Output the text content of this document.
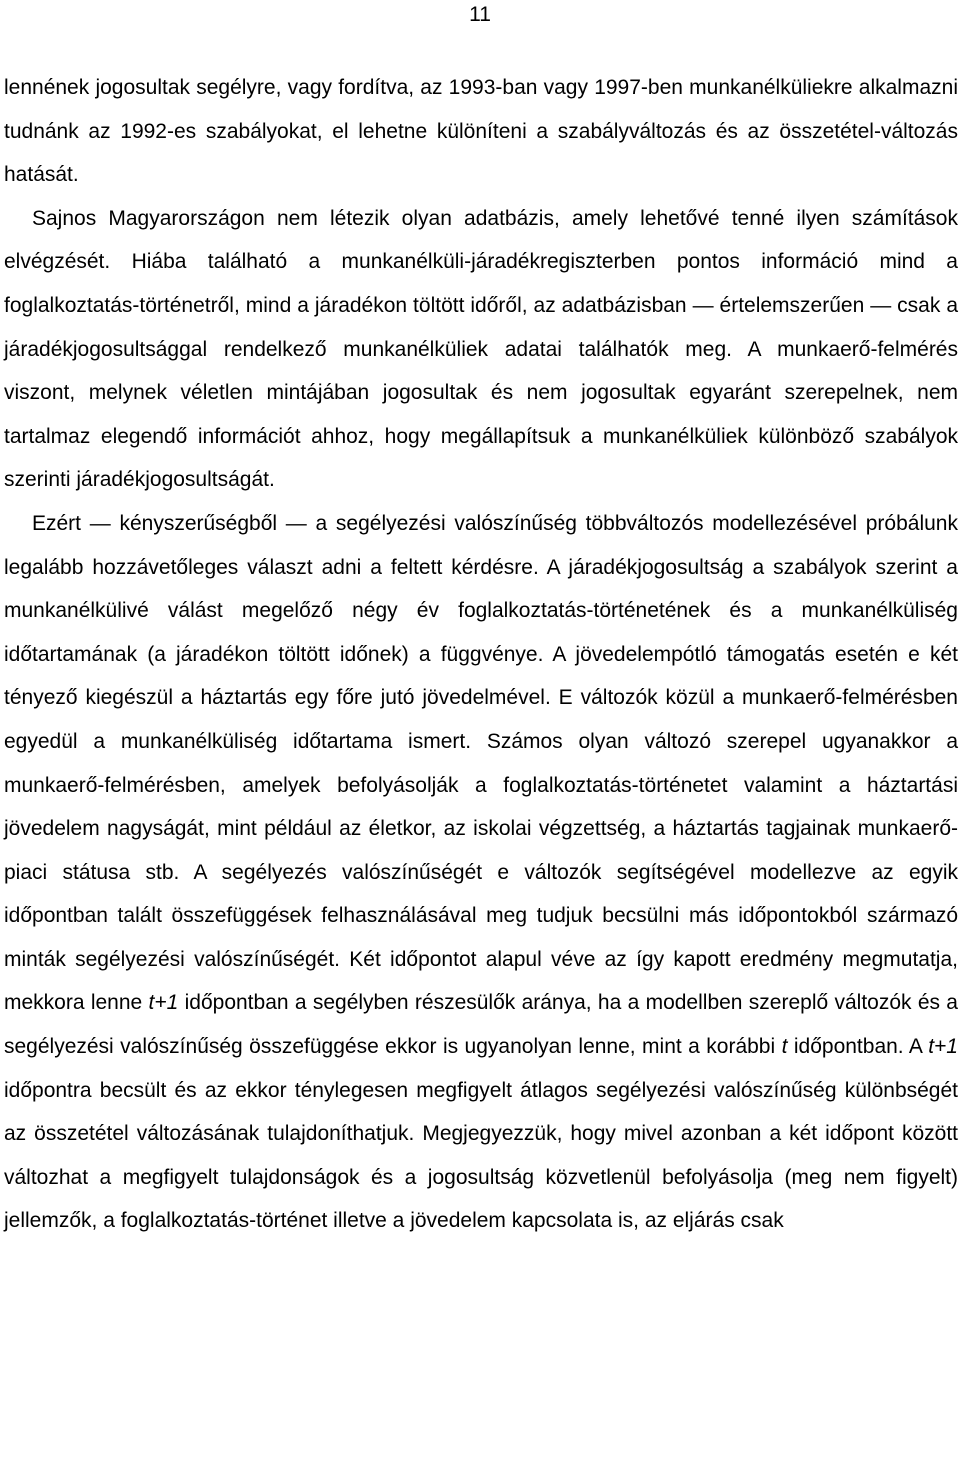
11

lennének jogosultak segélyre, vagy fordítva, az 1993-ban vagy 1997-ben munkanélküliekre alkalmazni tudnánk az 1992-es szabályokat, el lehetne különíteni a szabályváltozás és az összetétel-változás hatását.

Sajnos Magyarországon nem létezik olyan adatbázis, amely lehetővé tenné ilyen számítások elvégzését. Hiába található a munkanélküli-járadékregiszterben pontos információ mind a foglalkoztatás-történetről, mind a járadékon töltött időről, az adatbázisban — értelemszerűen — csak a járadékjogosultsággal rendelkező munkanélküliek adatai találhatók meg. A munkaerő-felmérés viszont, melynek véletlen mintájában jogosultak és nem jogosultak egyaránt szerepelnek, nem tartalmaz elegendő információt ahhoz, hogy megállapítsuk a munkanélküliek különböző szabályok szerinti járadékjogosultságát.

Ezért — kényszerűségből — a segélyezési valószínűség többváltozós modellezésével próbálunk legalább hozzávetőleges választ adni a feltett kérdésre. A járadékjogosultság a szabályok szerint a munkanélkülivé válást megelőző négy év foglalkoztatás-történetének és a munkanélküliség időtartamának (a járadékon töltött időnek) a függvénye. A jövedelempótló támogatás esetén e két tényező kiegészül a háztartás egy főre jutó jövedelmével. E változók közül a munkaerő-felmérésben egyedül a munkanélküliség időtartama ismert. Számos olyan változó szerepel ugyanakkor a munkaerő-felmérésben, amelyek befolyásolják a foglalkoztatás-történetet valamint a háztartási jövedelem nagyságát, mint például az életkor, az iskolai végzettség, a háztartás tagjainak munkaerő-piaci státusa stb. A segélyezés valószínűségét e változók segítségével modellezve az egyik időpontban talált összefüggések felhasználásával meg tudjuk becsülni más időpontokból származó minták segélyezési valószínűségét. Két időpontot alapul véve az így kapott eredmény megmutatja, mekkora lenne t+1 időpontban a segélyben részesülők aránya, ha a modellben szereplő változók és a segélyezési valószínűség összefüggése ekkor is ugyanolyan lenne, mint a korábbi t időpontban. A t+1 időpontra becsült és az ekkor ténylegesen megfigyelt átlagos segélyezési valószínűség különbségét az összetétel változásának tulajdoníthatjuk. Megjegyezzük, hogy mivel azonban a két időpont között változhat a megfigyelt tulajdonságok és a jogosultság közvetlenül befolyásolja (meg nem figyelt) jellemzők, a foglalkoztatás-történet illetve a jövedelem kapcsolata is, az eljárás csak
